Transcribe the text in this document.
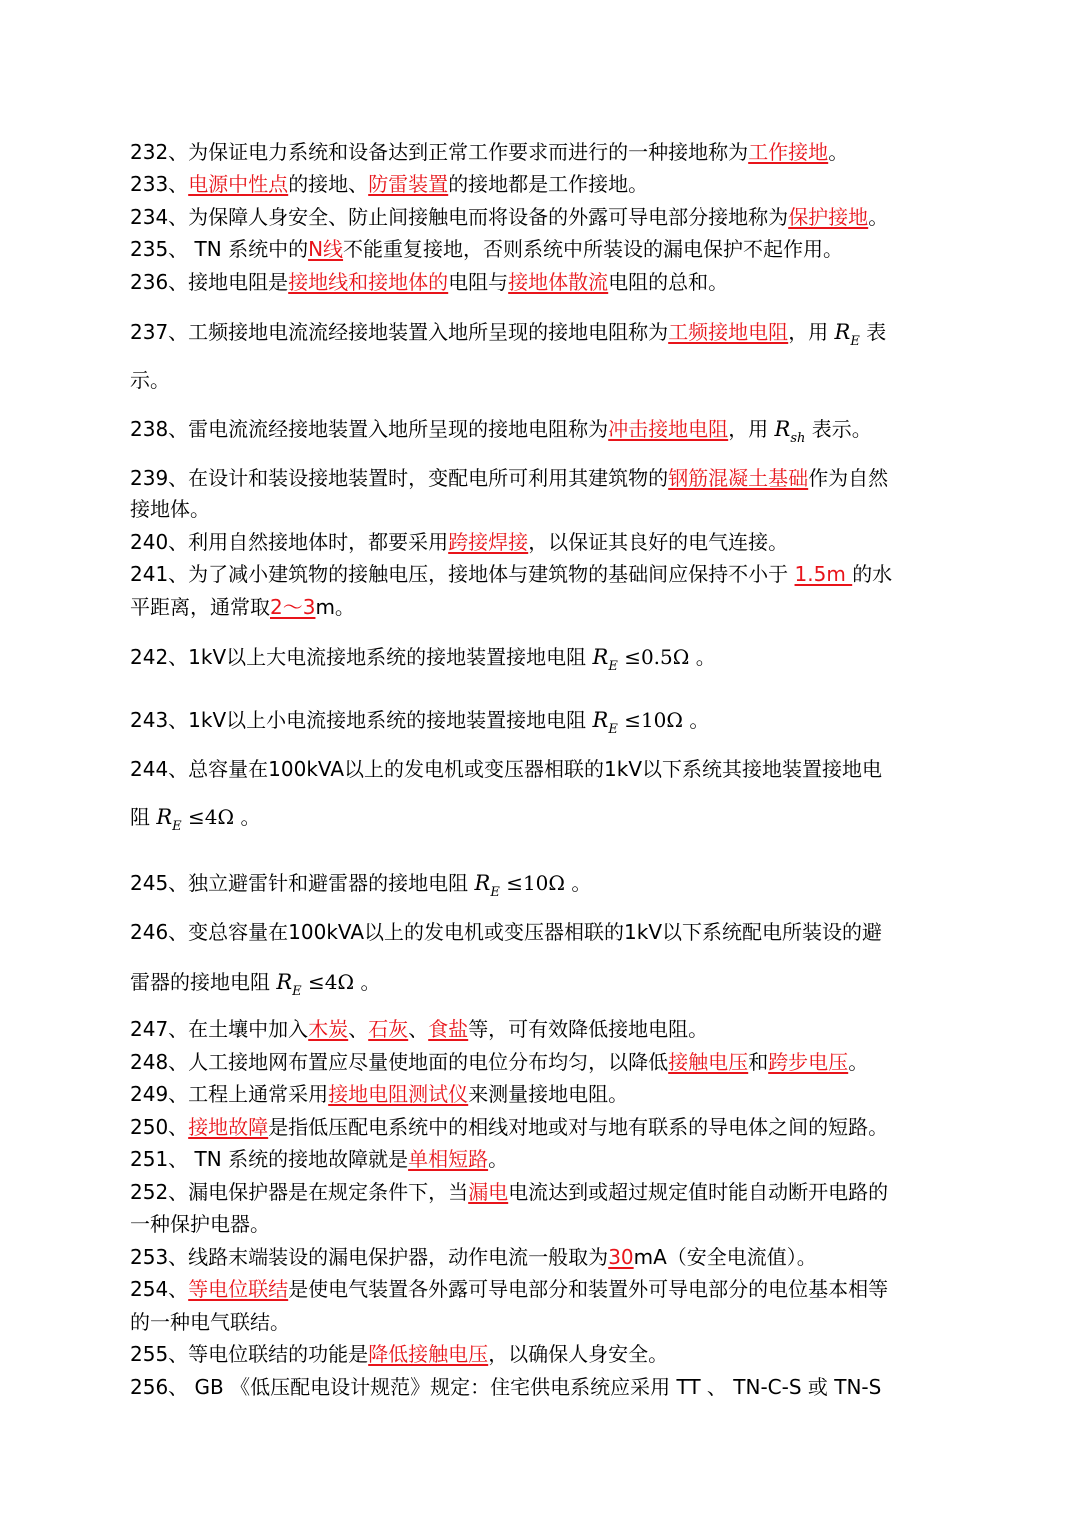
232、为保证电力系统和设备达到正常工作要求而进行的一种接地称为工作接地。
233、电源中性点的接地、防雷装置的接地都是工作接地。
234、为保障人身安全、防止间接触电而将设备的外露可导电部分接地称为保护接地。
235、 TN 系统中的N线不能重复接地，否则系统中所装设的漏电保护不起作用。
236、接地电阻是接地线和接地体的电阻与接地体散流电阻的总和。
237、工频接地电流流经接地装置入地所呈现的接地电阻称为工频接地电阻，用 $R_E$ 表
示。
238、雷电流流经接地装置入地所呈现的接地电阻称为冲击接地电阻，用 $R_{sh}$ 表示。
239、在设计和装设接地装置时，变配电所可利用其建筑物的钢筋混凝土基础作为自然
接地体。
240、利用自然接地体时，都要采用跨接焊接，以保证其良好的电气连接。
241、为了减小建筑物的接触电压，接地体与建筑物的基础间应保持不小于 1.5m 的水
平距离，通常取2～3m。
242、1kV以上大电流接地系统的接地装置接地电阻 $R_E \le 0.5\Omega$ 。
243、1kV以上小电流接地系统的接地装置接地电阻 $R_E \le 10\Omega$ 。
244、总容量在100kVA以上的发电机或变压器相联的1kV以下系统其接地装置接地电
阻 $R_E \le 4\Omega$ 。
245、独立避雷针和避雷器的接地电阻 $R_E \le 10\Omega$ 。
246、变总容量在100kVA以上的发电机或变压器相联的1kV以下系统配电所装设的避
雷器的接地电阻 $R_E \le 4\Omega$ 。
247、在土壤中加入木炭、石灰、食盐等，可有效降低接地电阻。
248、人工接地网布置应尽量使地面的电位分布均匀，以降低接触电压和跨步电压。
249、工程上通常采用接地电阻测试仪来测量接地电阻。
250、接地故障是指低压配电系统中的相线对地或对与地有联系的导电体之间的短路。
251、 TN 系统的接地故障就是单相短路。
252、漏电保护器是在规定条件下，当漏电电流达到或超过规定值时能自动断开电路的
一种保护电器。
253、线路末端装设的漏电保护器，动作电流一般取为30mA（安全电流值）。
254、等电位联结是使电气装置各外露可导电部分和装置外可导电部分的电位基本相等
的一种电气联结。
255、等电位联结的功能是降低接触电压，以确保人身安全。
256、 GB 《低压配电设计规范》规定：住宅供电系统应采用 TT 、 TN-C-S 或 TN-S
